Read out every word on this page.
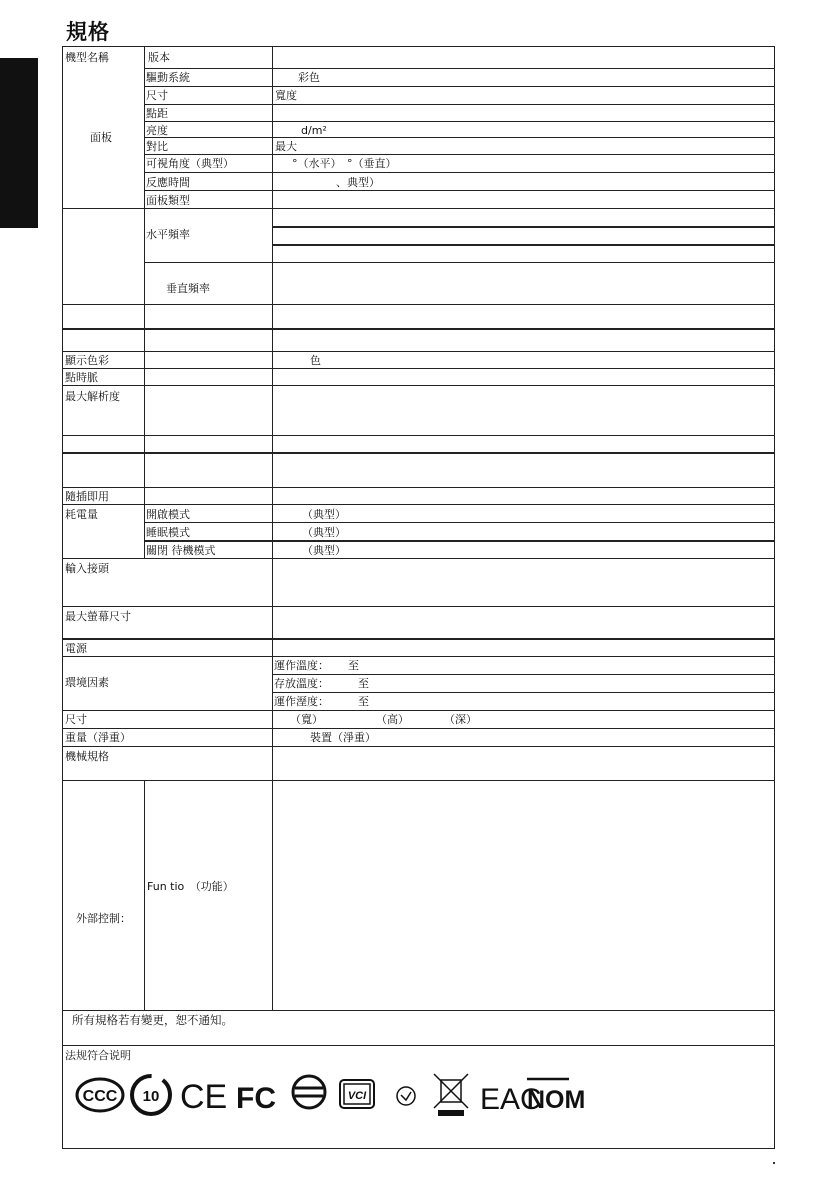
規格
機型名稱	版本
面板
驅動系統	彩色
尺寸	寬度
點距
亮度	d/m²
對比	最大
可視角度（典型）	°（水平）　°（垂直）
反應時間	、典型）
面板類型
水平頻率
垂直頻率
顯示色彩	色
點時脈
最大解析度
隨插即用
耗電量	開啟模式	（典型）
睡眠模式	（典型）
關閉 待機模式	（典型）
輸入接頭
最大螢幕尺寸
電源
環境因素
運作溫度： 至
存放溫度：	至
運作溼度：	至
尺寸	（寬）	（高）	（深）
重量（淨重）	裝置（淨重）
機械規格
外部控制：
Fun tio　（功能）
所有規格若有變更，恕不通知。
法规符合说明
CCC 10 CE FC	VCI	EAC
NOM
